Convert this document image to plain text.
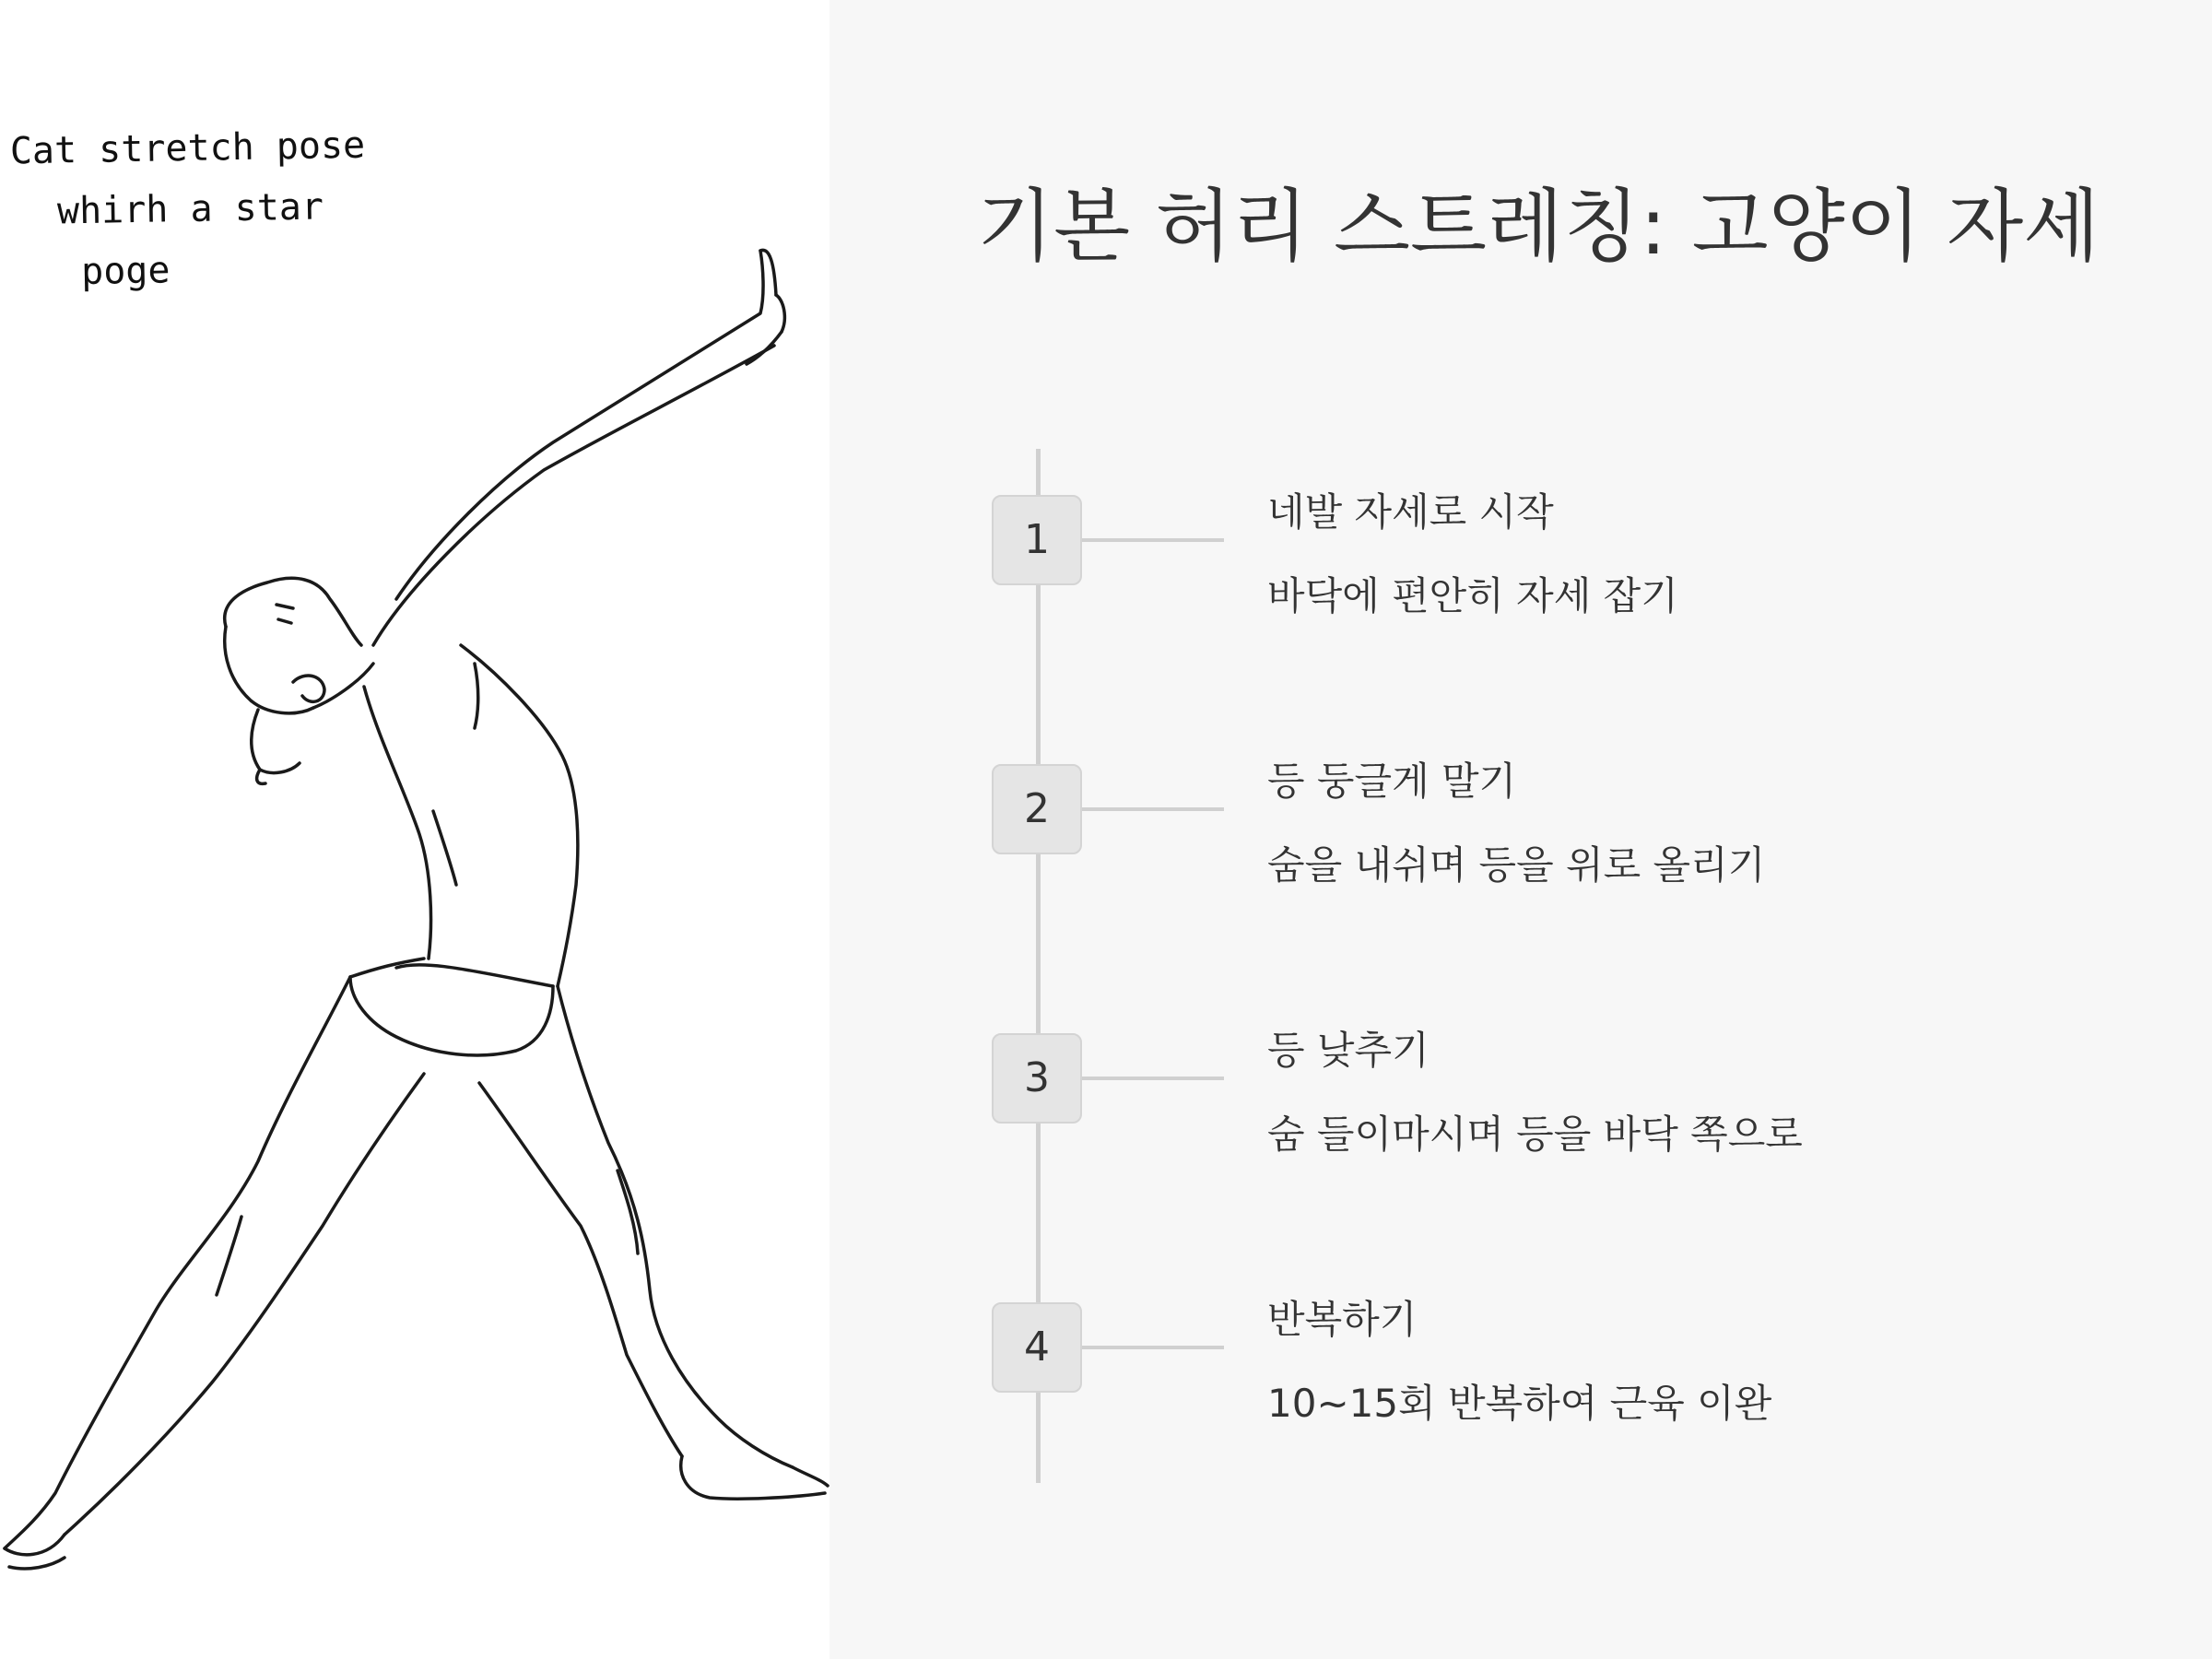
Cat stretch pose
whirh a star
poge	기본 허리 스트레칭: 고양이 자세
1
네발 자세로 시작
바닥에 편안히 자세 잡기
2
등 둥글게 말기
숨을 내쉬며 등을 위로 올리기
3
등 낮추기
숨 들이마시며 등을 바닥 쪽으로
4
반복하기
10~15회 반복하여 근육 이완
